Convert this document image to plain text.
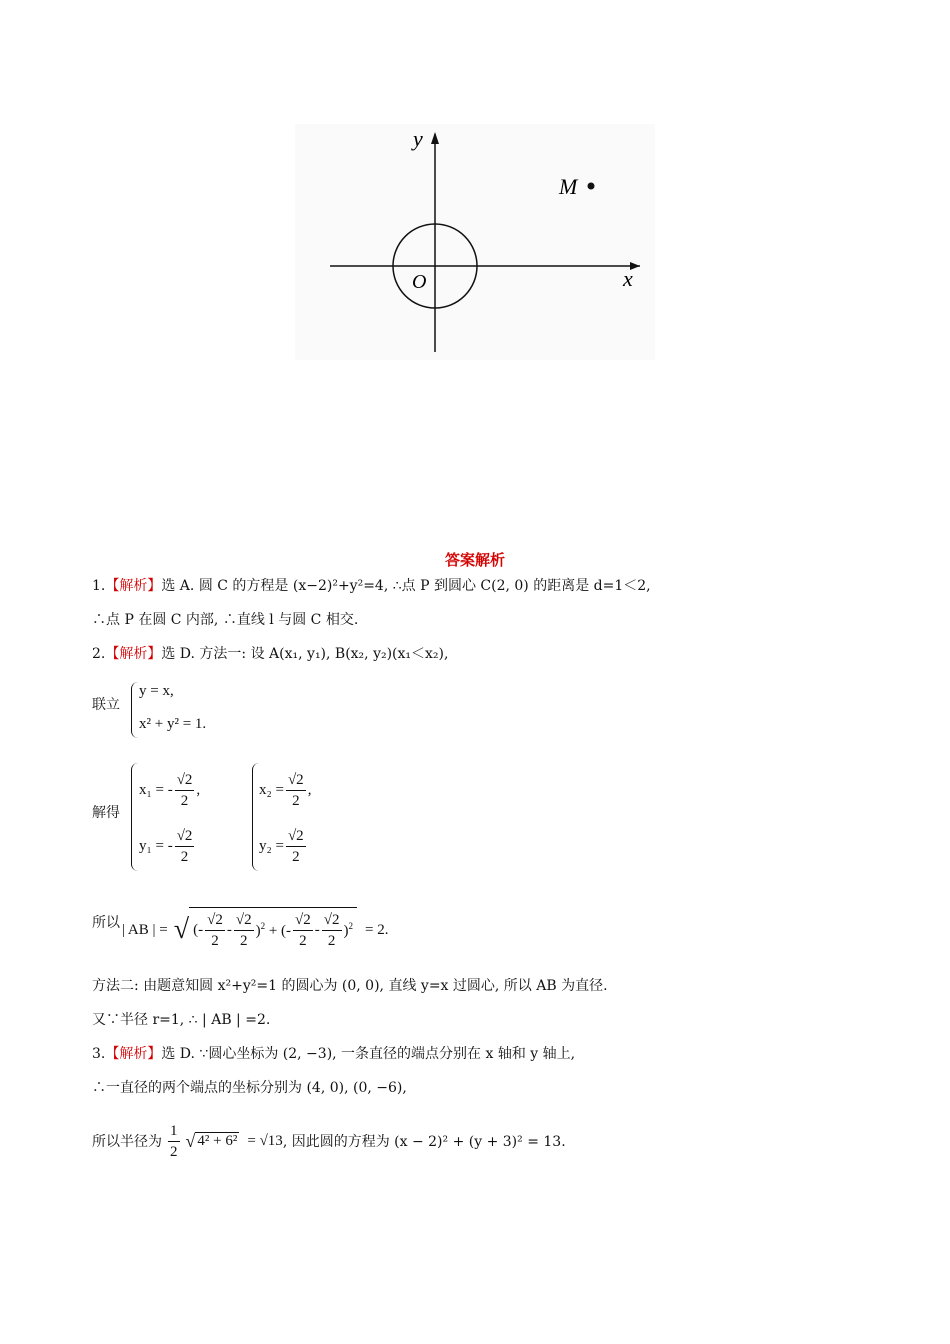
y
x
O
M
答案解析
1.【解析】选 A. 圆 C 的方程是 (x−2)²+y²=4, ∴点 P 到圆心 C(2, 0) 的距离是 d=1＜2,
∴点 P 在圆 C 内部, ∴直线 l 与圆 C 相交.
2.【解析】选 D. 方法一: 设 A(x₁, y₁), B(x₂, y₂)(x₁＜x₂),
联立
y = x,
x² + y² = 1.
解得
x₁ = - $\frac{√2}{2}$ ,
y₁ = - $\frac{√2}{2}$
$x_2 = \frac{√2}{2}$ ,
$y_2 = \frac{√2}{2}$
所以 | AB | = √ (- $\frac{√2}{2} - \frac{√2}{2} )^2$ + (- $\frac{√2}{2} - \frac{√2}{2} )^2 = 2$.
方法二: 由题意知圆 x²+y²=1 的圆心为 (0, 0), 直线 y=x 过圆心, 所以 AB 为直径.
又∵半径 r=1, ∴ | AB | =2.
3.【解析】选 D. ∵圆心坐标为 (2, −3), 一条直径的端点分别在 x 轴和 y 轴上,
∴一直径的两个端点的坐标分别为 (4, 0), (0, −6),
所以半径为 $\frac{1}{2}$ √ 4² + 6² = √13 , 因此圆的方程为 (x − 2)² + (y + 3)² = 13.
